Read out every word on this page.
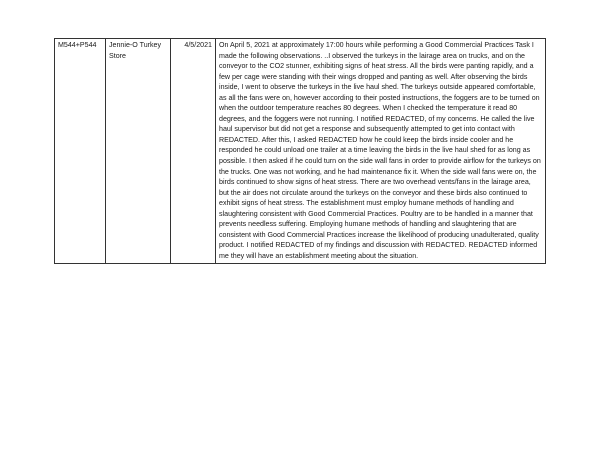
M544+P544	Jennie-O Turkey Store	4/5/2021	On April 5, 2021 at approximately 17:00 hours while performing a Good Commercial Practices Task I made the following observations. ..I observed the turkeys in the lairage area on trucks, and on the conveyor to the CO2 stunner, exhibiting signs of heat stress. All the birds were panting rapidly, and a few per cage were standing with their wings dropped and panting as well. After observing the birds inside, I went to observe the turkeys in the live haul shed. The turkeys outside appeared comfortable, as all the fans were on, however according to their posted instructions, the foggers are to be turned on when the outdoor temperature reaches 80 degrees. When I checked the temperature it read 80 degrees, and the foggers were not running. I notified REDACTED, of my concerns. He called the live haul supervisor but did not get a response and subsequently attempted to get into contact with REDACTED. After this, I asked REDACTED how he could keep the birds inside cooler and he responded he could unload one trailer at a time leaving the birds in the live haul shed for as long as possible. I then asked if he could turn on the side wall fans in order to provide airflow for the turkeys on the trucks. One was not working, and he had maintenance fix it. When the side wall fans were on, the birds continued to show signs of heat stress. There are two overhead vents/fans in the lairage area, but the air does not circulate around the turkeys on the conveyor and these birds also continued to exhibit signs of heat stress. The establishment must employ humane methods of handling and slaughtering consistent with Good Commercial Practices. Poultry are to be handled in a manner that prevents needless suffering. Employing humane methods of handling and slaughtering that are consistent with Good Commercial Practices increase the likelihood of producing unadulterated, quality product. I notified REDACTED of my findings and discussion with REDACTED. REDACTED informed me they will have an establishment meeting about the situation.
